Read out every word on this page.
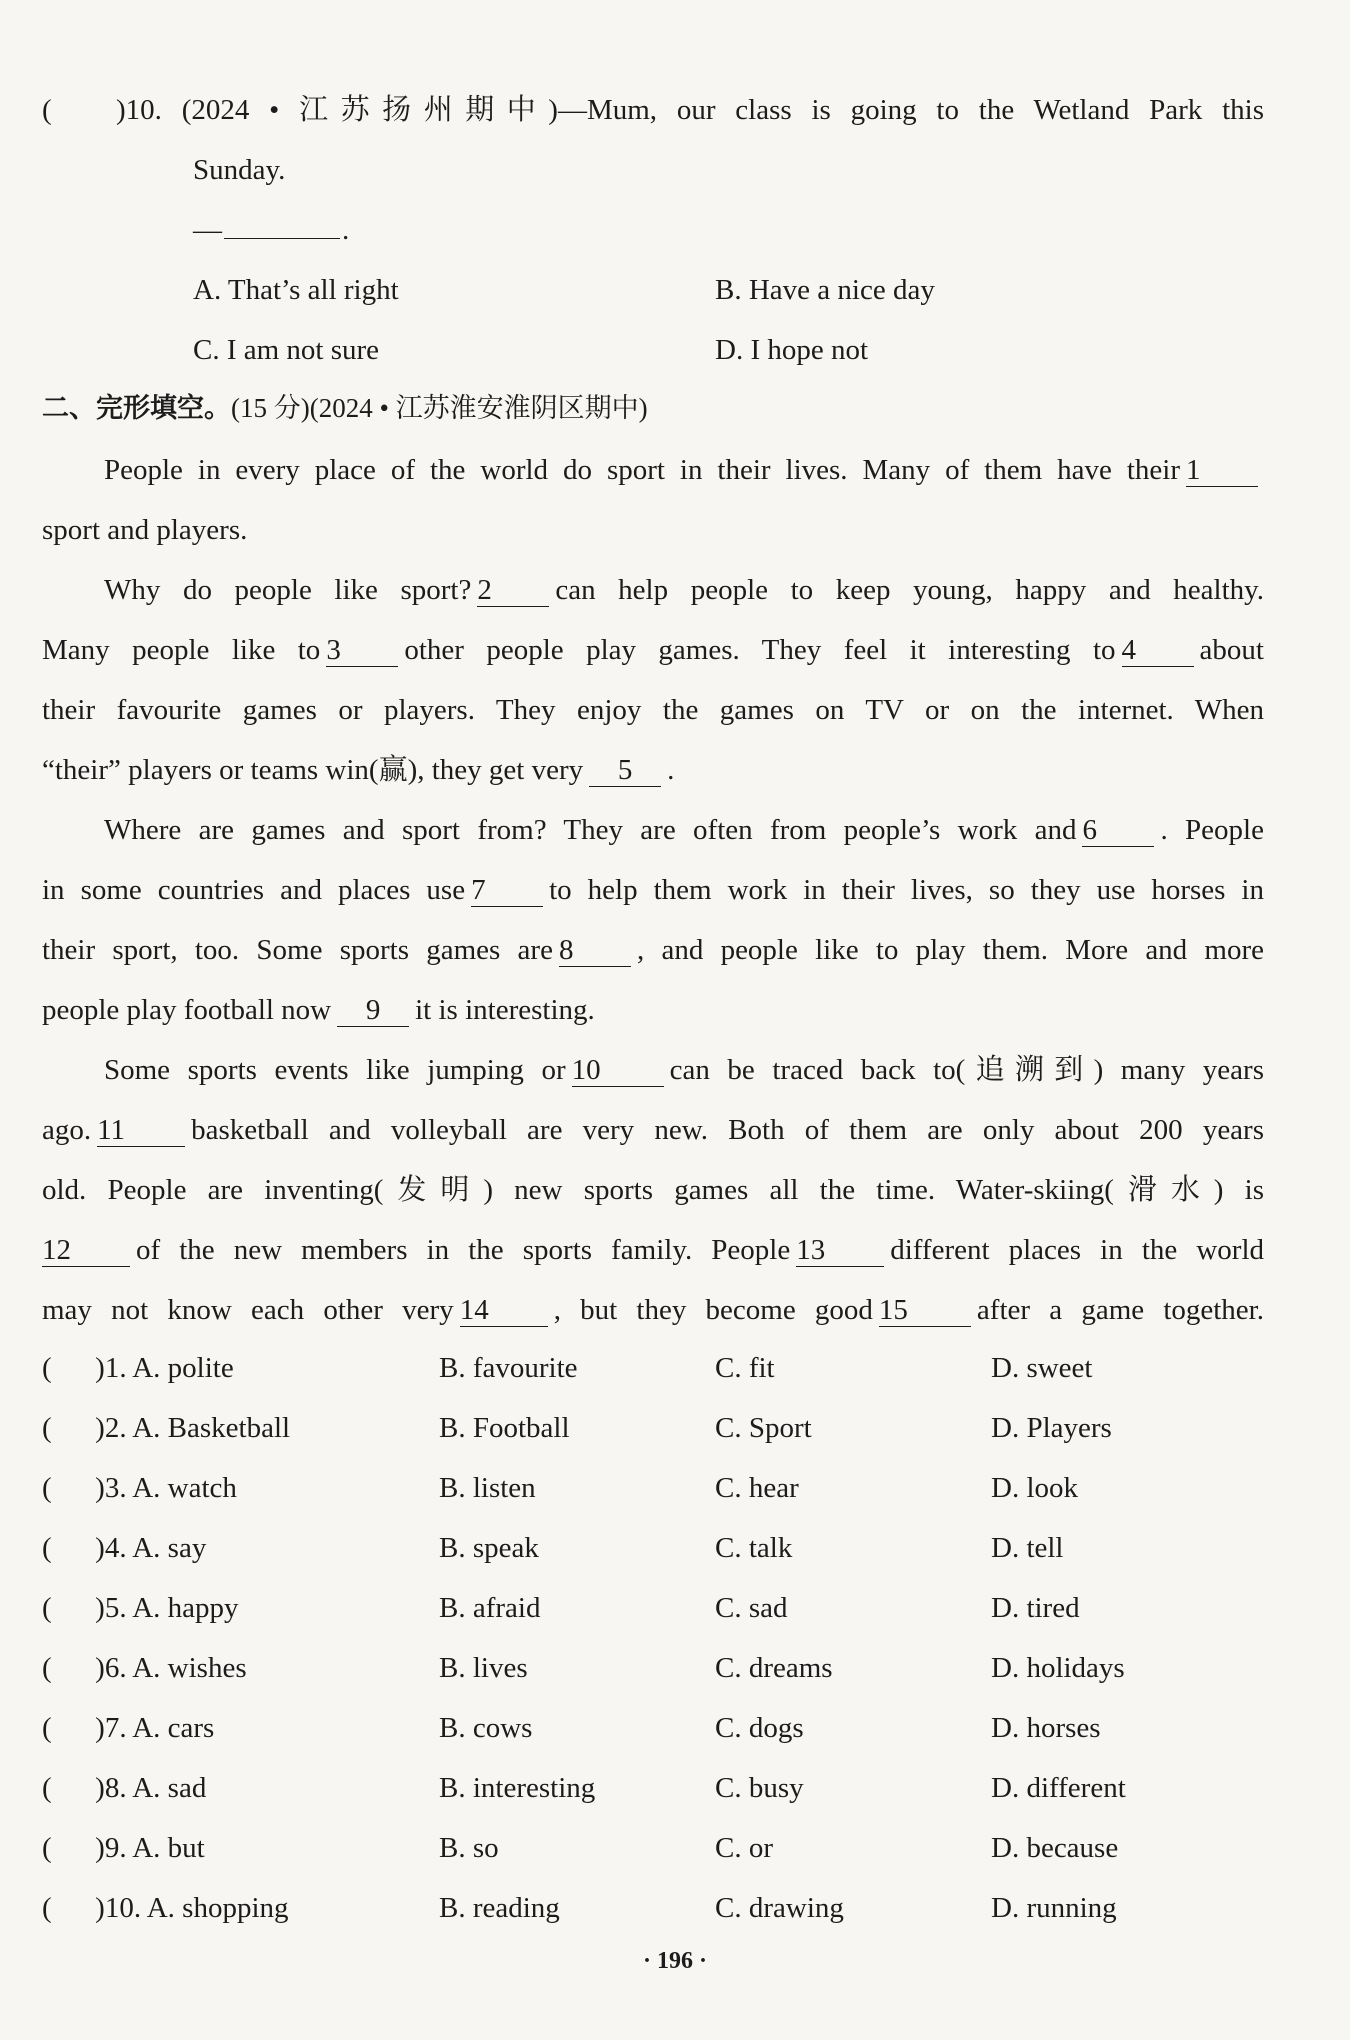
( )10. (2024 • 江苏扬州期中)—Mum, our class is going to the Wetland Park this
Sunday.
—	.
A. That’s all right	B. Have a nice day
C. I am not sure	D. I hope not
二、完形填空。(15 分)(2024 • 江苏淮安淮阴区期中)
People in every place of the world do sport in their lives. Many of them have their 1
sport and players.
Why do people like sport? 2 can help people to keep young, happy and healthy.
Many people like to 3 other people play games. They feel it interesting to 4 about
their favourite games or players. They enjoy the games on TV or on the internet. When
“their” players or teams win(赢), they get very 5 .
Where are games and sport from? They are often from people’s work and 6 . People
in some countries and places use 7 to help them work in their lives, so they use horses in
their sport, too. Some sports games are 8 , and people like to play them. More and more
people play football now 9 it is interesting.
Some sports events like jumping or 10 can be traced back to(追溯到) many years
ago. 11 basketball and volleyball are very new. Both of them are only about 200 years
old. People are inventing(发明) new sports games all the time. Water-skiing(滑水) is
12 of the new members in the sports family. People 13 different places in the world
may not know each other very 14 , but they become good 15 after a game together.
(      )1. A. polite	B. favourite	C. fit	D. sweet
(      )2. A. Basketball	B. Football	C. Sport	D. Players
(      )3. A. watch	B. listen	C. hear	D. look
(      )4. A. say	B. speak	C. talk	D. tell
(      )5. A. happy	B. afraid	C. sad	D. tired
(      )6. A. wishes	B. lives	C. dreams	D. holidays
(      )7. A. cars	B. cows	C. dogs	D. horses
(      )8. A. sad	B. interesting	C. busy	D. different
(      )9. A. but	B. so	C. or	D. because
(      )10. A. shopping	B. reading	C. drawing	D. running
· 196 ·
